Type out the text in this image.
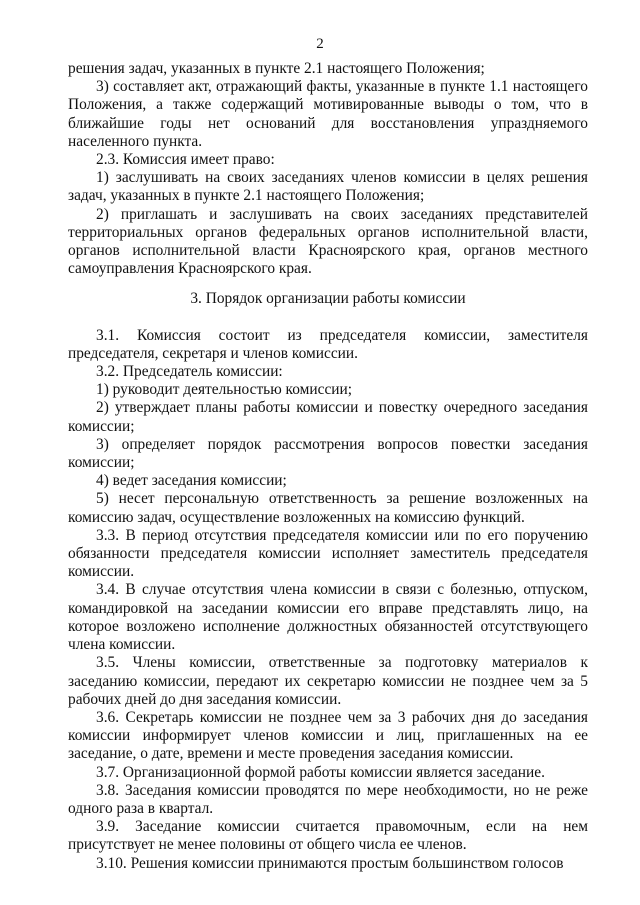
2

решения задач, указанных в пункте 2.1 настоящего Положения;

3) составляет акт, отражающий факты, указанные в пункте 1.1 настоящего Положения, а также содержащий мотивированные выводы о том, что в ближайшие годы нет оснований для восстановления упраздняемого населенного пункта.

2.3. Комиссия имеет право:

1) заслушивать на своих заседаниях членов комиссии в целях решения задач, указанных в пункте 2.1 настоящего Положения;

2) приглашать и заслушивать на своих заседаниях представителей территориальных органов федеральных органов исполнительной власти, органов исполнительной власти Красноярского края, органов местного самоуправления Красноярского края.

3. Порядок организации работы комиссии

3.1. Комиссия состоит из председателя комиссии, заместителя председателя, секретаря и членов комиссии.

3.2. Председатель комиссии:

1) руководит деятельностью комиссии;

2) утверждает планы работы комиссии и повестку очередного заседания комиссии;

3) определяет порядок рассмотрения вопросов повестки заседания комиссии;

4) ведет заседания комиссии;

5) несет персональную ответственность за решение возложенных на комиссию задач, осуществление возложенных на комиссию функций.

3.3. В период отсутствия председателя комиссии или по его поручению обязанности председателя комиссии исполняет заместитель председателя комиссии.

3.4. В случае отсутствия члена комиссии в связи с болезнью, отпуском, командировкой на заседании комиссии его вправе представлять лицо, на которое возложено исполнение должностных обязанностей отсутствующего члена комиссии.

3.5. Члены комиссии, ответственные за подготовку материалов к заседанию комиссии, передают их секретарю комиссии не позднее чем за 5 рабочих дней до дня заседания комиссии.

3.6. Секретарь комиссии не позднее чем за 3 рабочих дня до заседания комиссии информирует членов комиссии и лиц, приглашенных на ее заседание, о дате, времени и месте проведения заседания комиссии.

3.7. Организационной формой работы комиссии является заседание.

3.8. Заседания комиссии проводятся по мере необходимости, но не реже одного раза в квартал.

3.9. Заседание комиссии считается правомочным, если на нем присутствует не менее половины от общего числа ее членов.

3.10. Решения комиссии принимаются простым большинством голосов
